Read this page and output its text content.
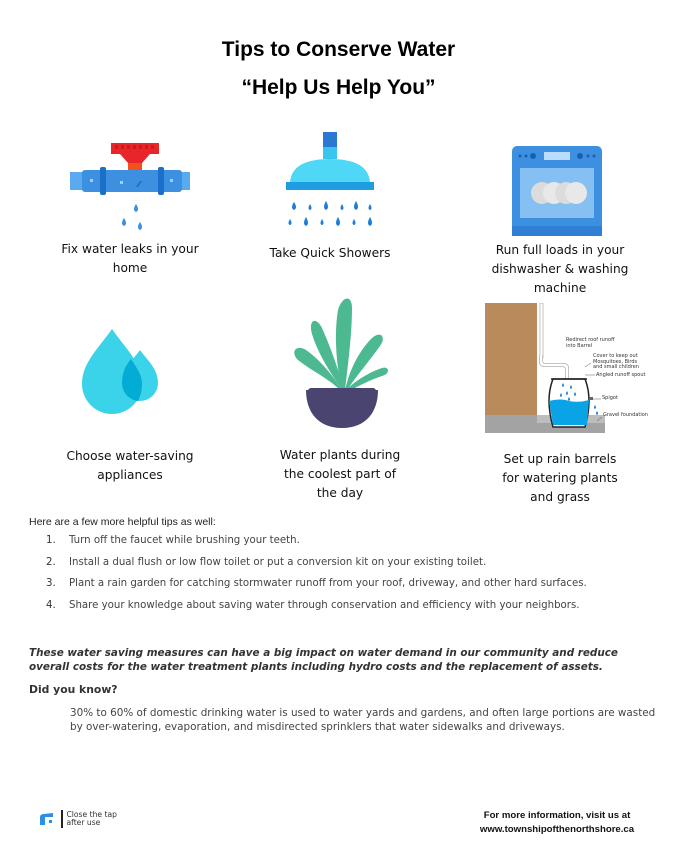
Tips to Conserve Water
“Help Us Help You”
Fix water leaks in your
home
Take Quick Showers	Run full loads in your
dishwasher & washing
machine
Choose water-saving
appliances
Water plants during
the coolest part of
the day
Redirect roof runoff
into Barrel
Cover to keep out
Mosquitoes, Birds
and small children
Angled runoff spout
Spigot
Gravel foundation
Set up rain barrels
for watering plants
and grass
Here are a few more helpful tips as well:
1.	Turn off the faucet while brushing your teeth.
2.	Install a dual flush or low flow toilet or put a conversion kit on your existing toilet.
3.	Plant a rain garden for catching stormwater runoff from your roof, driveway, and other hard surfaces.
4.	Share your knowledge about saving water through conservation and efficiency with your neighbors.
These water saving measures can have a big impact on water demand in our community and reduce overall costs for the water treatment plants including hydro costs and the replacement of assets.
Did you know?
30% to 60% of domestic drinking water is used to water yards and gardens, and often large portions are wasted by over-watering, evaporation, and misdirected sprinklers that water sidewalks and driveways.
Close the tap
after use
For more information, visit us at
www.townshipofthenorthshore.ca
